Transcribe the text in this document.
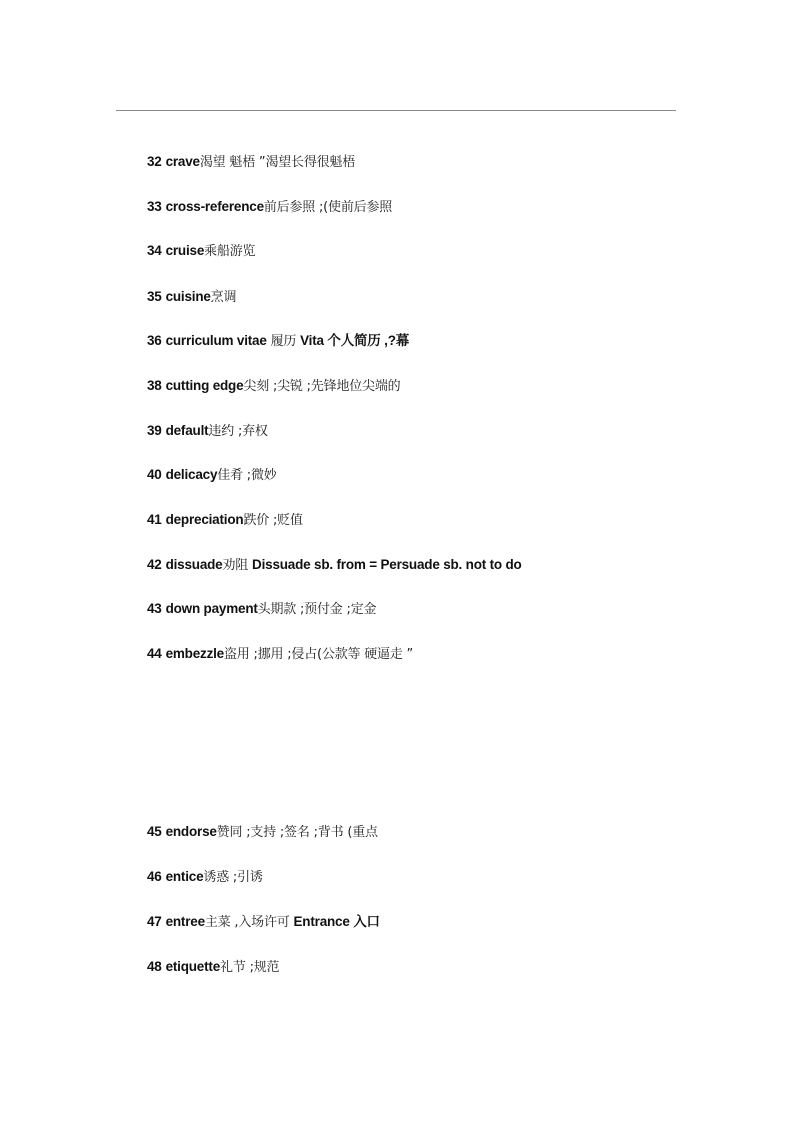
32 crave渴望 魁梧 ”渴望长得很魁梧
33 cross-reference前后参照 ;(使前后参照
34 cruise乘船游览
35 cuisine烹调
36 curriculum vitae 履历 Vita 个人简历 ,?幕
38 cutting edge尖刻 ;尖锐 ;先锋地位尖端的
39 default违约 ;弃权
40 delicacy佳肴 ;微妙
41 depreciation跌价 ;贬值
42 dissuade劝阻 Dissuade sb. from = Persuade sb. not to do
43 down payment头期款 ;预付金 ;定金
44 embezzle盗用 ;挪用 ;侵占(公款等 硬逼走 ”
45 endorse赞同 ;支持 ;签名 ;背书 (重点
46 entice诱惑 ;引诱
47 entree主菜 ,入场许可 Entrance 入口
48 etiquette礼节 ;规范
